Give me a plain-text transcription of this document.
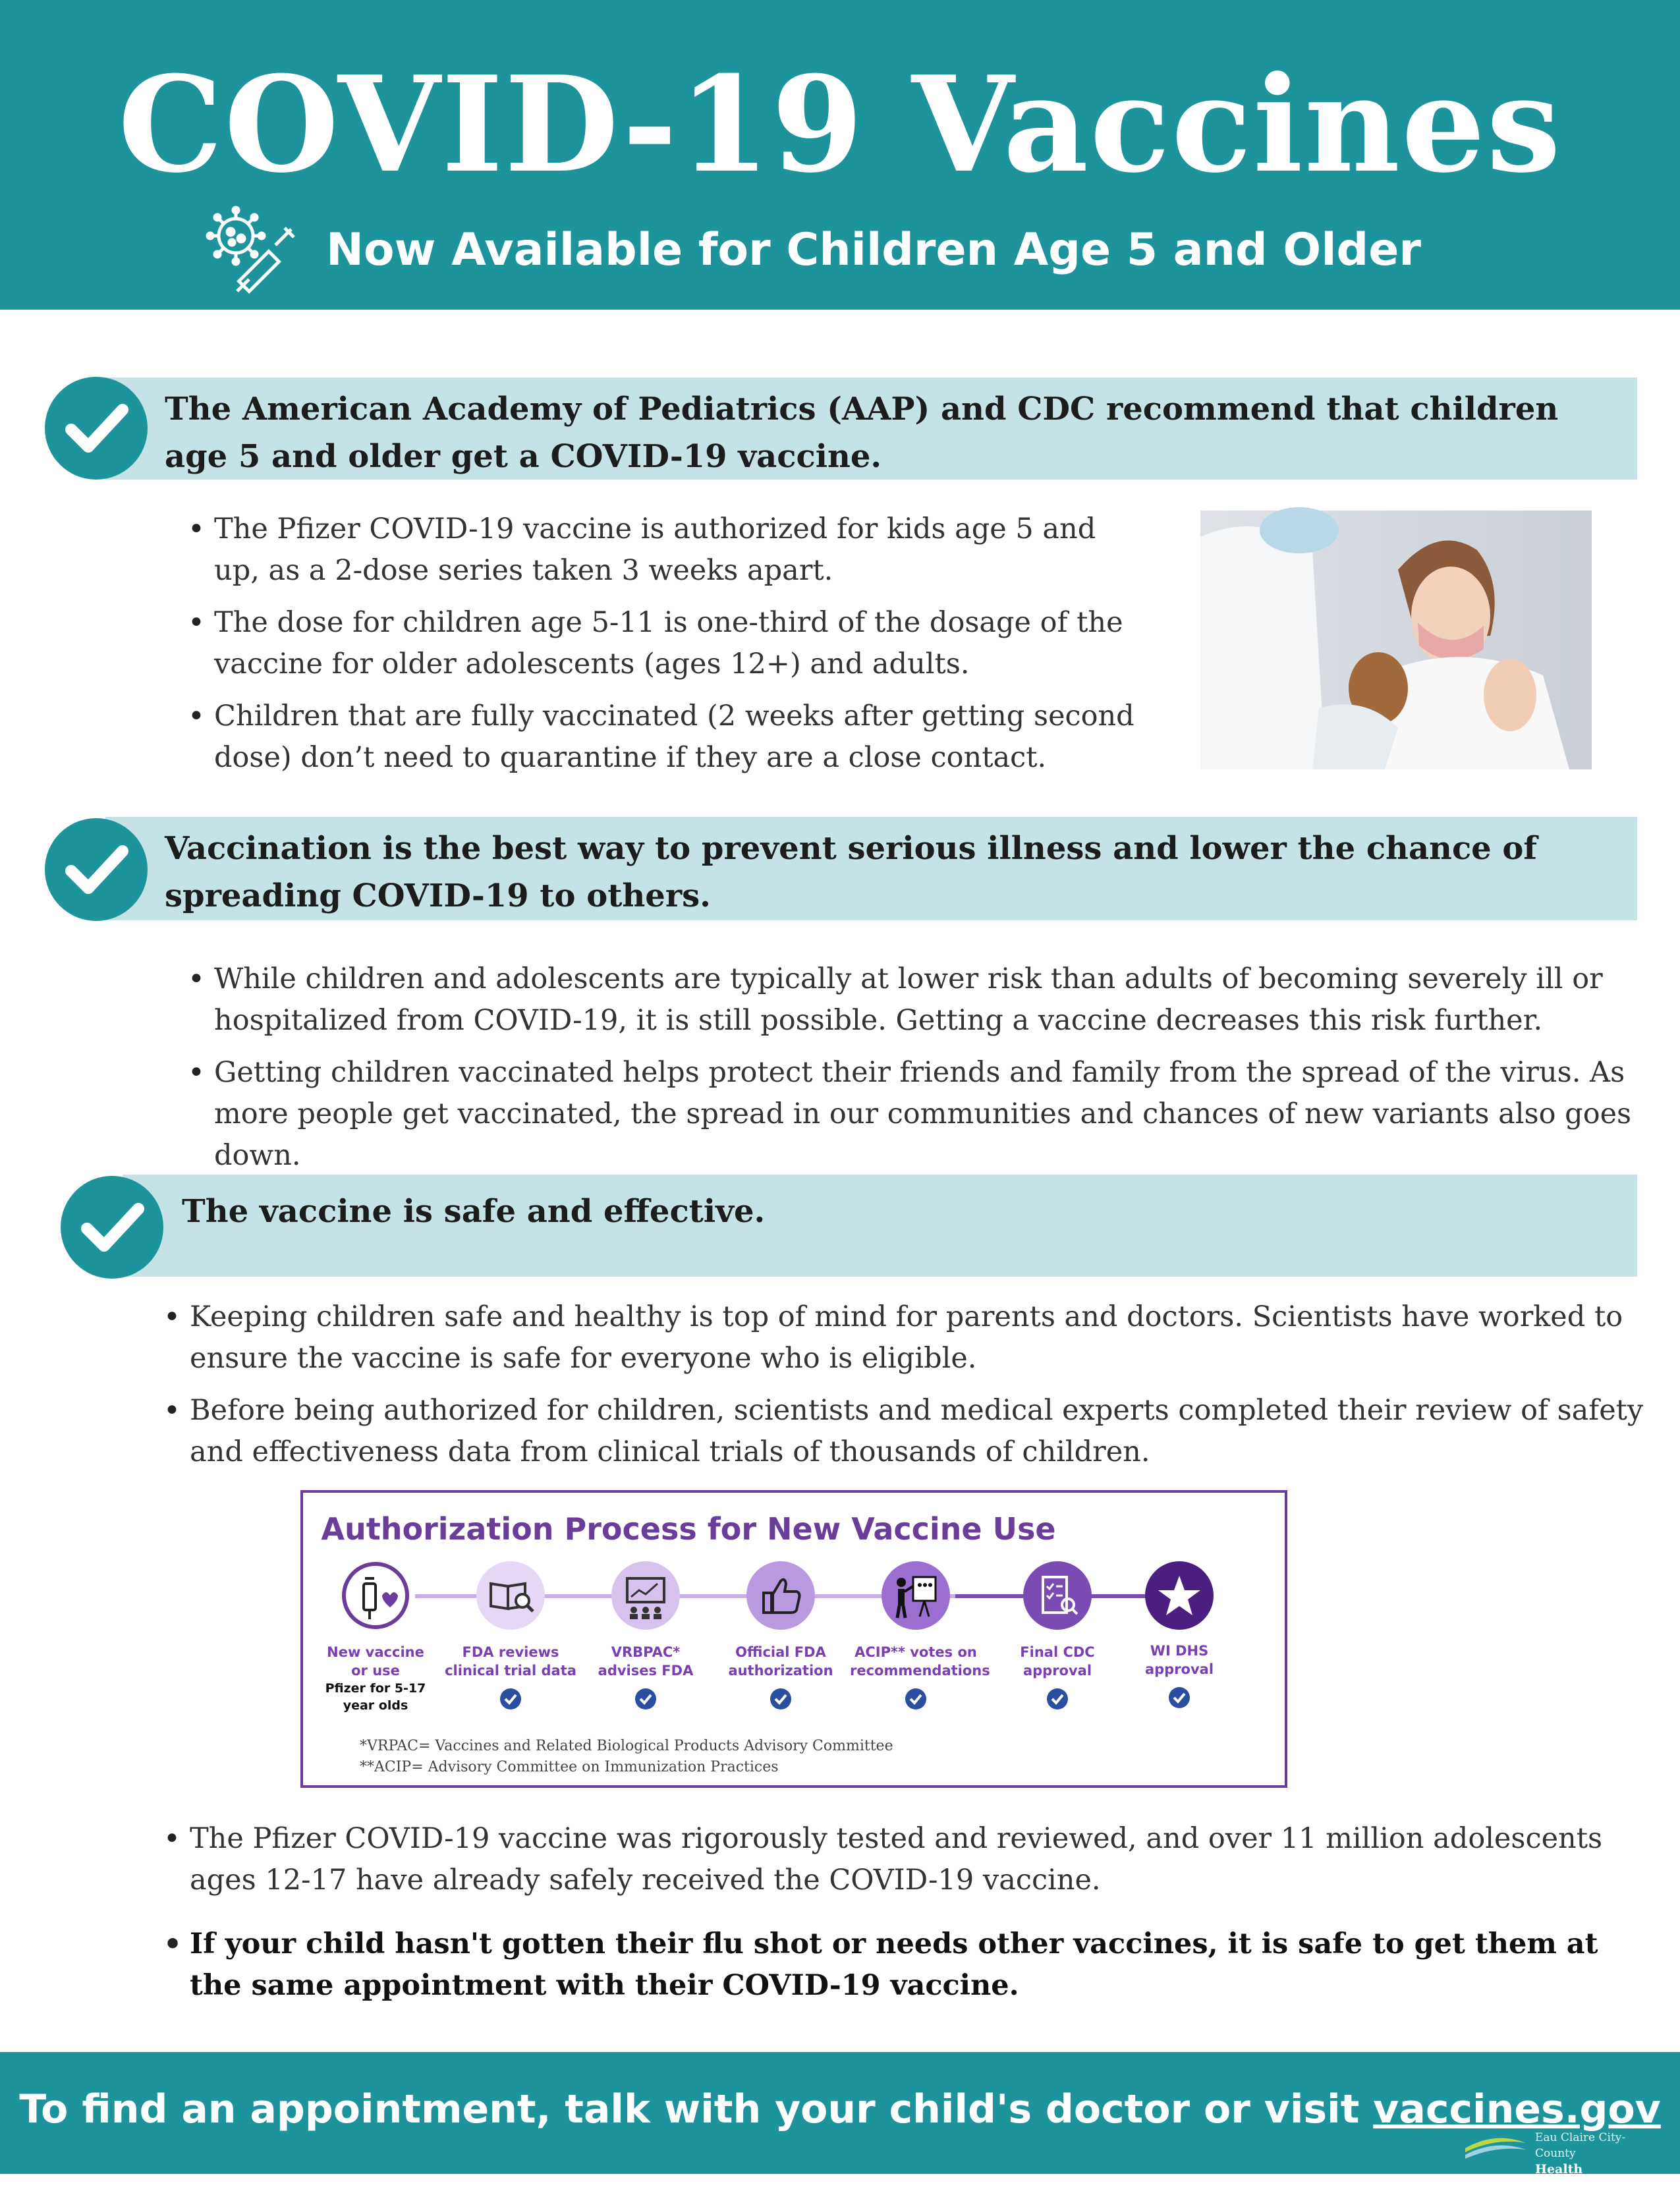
COVID-19 Vaccines
Now Available for Children Age 5 and Older
The American Academy of Pediatrics (AAP) and CDC recommend that children age 5 and older get a COVID-19 vaccine.
• The Pfizer COVID-19 vaccine is authorized for kids age 5 and up, as a 2-dose series taken 3 weeks apart.
• The dose for children age 5-11 is one-third of the dosage of the vaccine for older adolescents (ages 12+) and adults.
• Children that are fully vaccinated (2 weeks after getting second dose) don’t need to quarantine if they are a close contact.
Vaccination is the best way to prevent serious illness and lower the chance of spreading COVID-19 to others.
• While children and adolescents are typically at lower risk than adults of becoming severely ill or hospitalized from COVID-19, it is still possible. Getting a vaccine decreases this risk further.
• Getting children vaccinated helps protect their friends and family from the spread of the virus. As more people get vaccinated, the spread in our communities and chances of new variants also goes down.
The vaccine is safe and effective.
• Keeping children safe and healthy is top of mind for parents and doctors. Scientists have worked to ensure the vaccine is safe for everyone who is eligible.
• Before being authorized for children, scientists and medical experts completed their review of safety and effectiveness data from clinical trials of thousands of children.
Authorization Process for New Vaccine Use
New vaccine
or use
Pfizer for 5-17
year olds
FDA reviews
clinical trial data
VRBPAC*
advises FDA
Official FDA
authorization
ACIP** votes on
recommendations
Final CDC
approval
WI DHS
approval
*VRPAC= Vaccines and Related Biological Products Advisory Committee
**ACIP= Advisory Committee on Immunization Practices
• The Pfizer COVID-19 vaccine was rigorously tested and reviewed, and over 11 million adolescents ages 12-17 have already safely received the COVID-19 vaccine.
• If your child hasn't gotten their flu shot or needs other vaccines, it is safe to get them at the same appointment with their COVID-19 vaccine.
To find an appointment, talk with your child's doctor or visit vaccines.gov
Eau Claire City-County
Health Department
